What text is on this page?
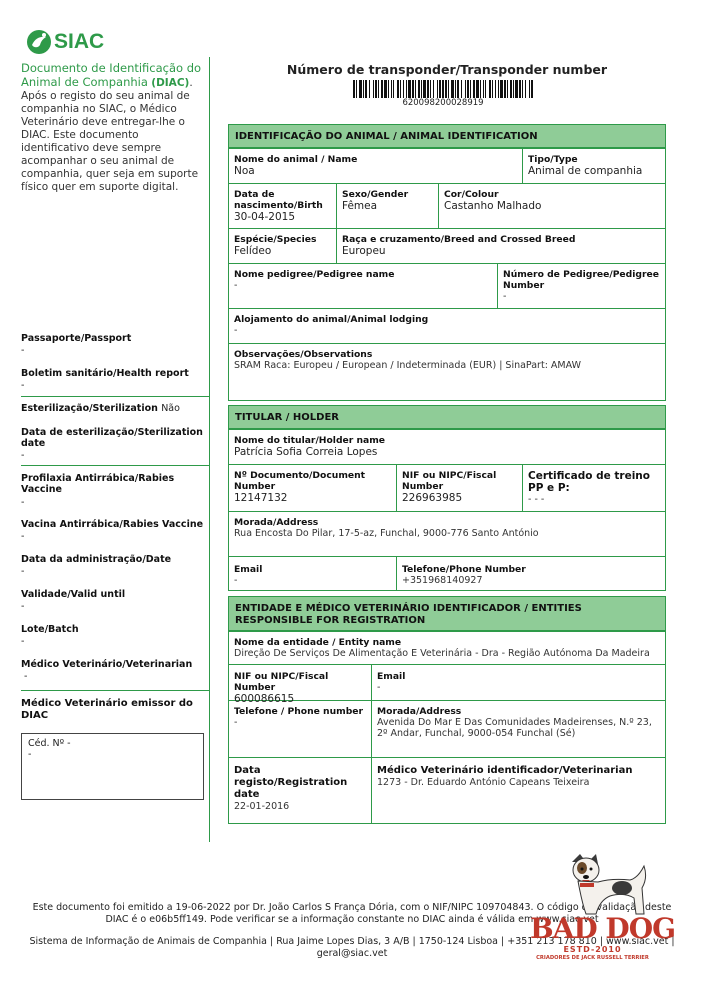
SIAC
Documento de Identificação do Animal de Companhia (DIAC). Após o registo do seu animal de companhia no SIAC, o Médico Veterinário deve entregar-lhe o DIAC. Este documento identificativo deve sempre acompanhar o seu animal de companhia, quer seja em suporte físico quer em suporte digital.
Passaporte/Passport
-
Boletim sanitário/Health report
-
Esterilização/Sterilization Não
Data de esterilização/Sterilization date
-
Profilaxia Antirrábica/Rabies Vaccine
-
Vacina Antirrábica/Rabies Vaccine
-
Data da administração/Date
-
Validade/Valid until
-
Lote/Batch
-
Médico Veterinário/Veterinarian
-
Médico Veterinário emissor do DIAC
Céd. Nº -
-
Número de transponder/Transponder number
620098200028919
IDENTIFICAÇÃO DO ANIMAL / ANIMAL IDENTIFICATION
Nome do animal / Name
Noa
Tipo/Type
Animal de companhia
Data de nascimento/Birth
30-04-2015
Sexo/Gender
Fêmea
Cor/Colour
Castanho Malhado
Espécie/Species
Felídeo
Raça e cruzamento/Breed and Crossed Breed
Europeu
Nome pedigree/Pedigree name
-
Número de Pedigree/Pedigree Number
-
Alojamento do animal/Animal lodging
-
Observações/Observations
SRAM Raca: Europeu / European / Indeterminada (EUR) | SinaPart: AMAW
TITULAR / HOLDER
Nome do titular/Holder name
Patrícia Sofia Correia Lopes
Nº Documento/Document Number
12147132
NIF ou NIPC/Fiscal Number
226963985
Certificado de treino PP e P:
- - -
Morada/Address
Rua Encosta Do Pilar, 17-5-az, Funchal, 9000-776 Santo António
Email
-
Telefone/Phone Number
+351968140927
ENTIDADE E MÉDICO VETERINÁRIO IDENTIFICADOR / ENTITIES RESPONSIBLE FOR REGISTRATION
Nome da entidade / Entity name
Direção De Serviços De Alimentação E Veterinária - Dra - Região Autónoma Da Madeira
NIF ou NIPC/Fiscal Number
600086615
Email
-
Telefone / Phone number
-
Morada/Address
Avenida Do Mar E Das Comunidades Madeirenses, N.º 23, 2º Andar, Funchal, 9000-054 Funchal (Sé)
Data registo/Registration date
22-01-2016
Médico Veterinário identificador/Veterinarian
1273 - Dr. Eduardo António Capeans Teixeira
Este documento foi emitido a 19-06-2022 por Dr. João Carlos S França Dória, com o NIF/NIPC 109704843. O código de validação deste DIAC é o e06b5ff149. Pode verificar se a informação constante no DIAC ainda é válida em www.siac.vet
Sistema de Informação de Animais de Companhia | Rua Jaime Lopes Dias, 3 A/B | 1750-124 Lisboa | +351 213 178 810 | www.siac.vet | geral@siac.vet
BAD DOG
ESTD-2010
CRIADORES DE JACK RUSSELL TERRIER
